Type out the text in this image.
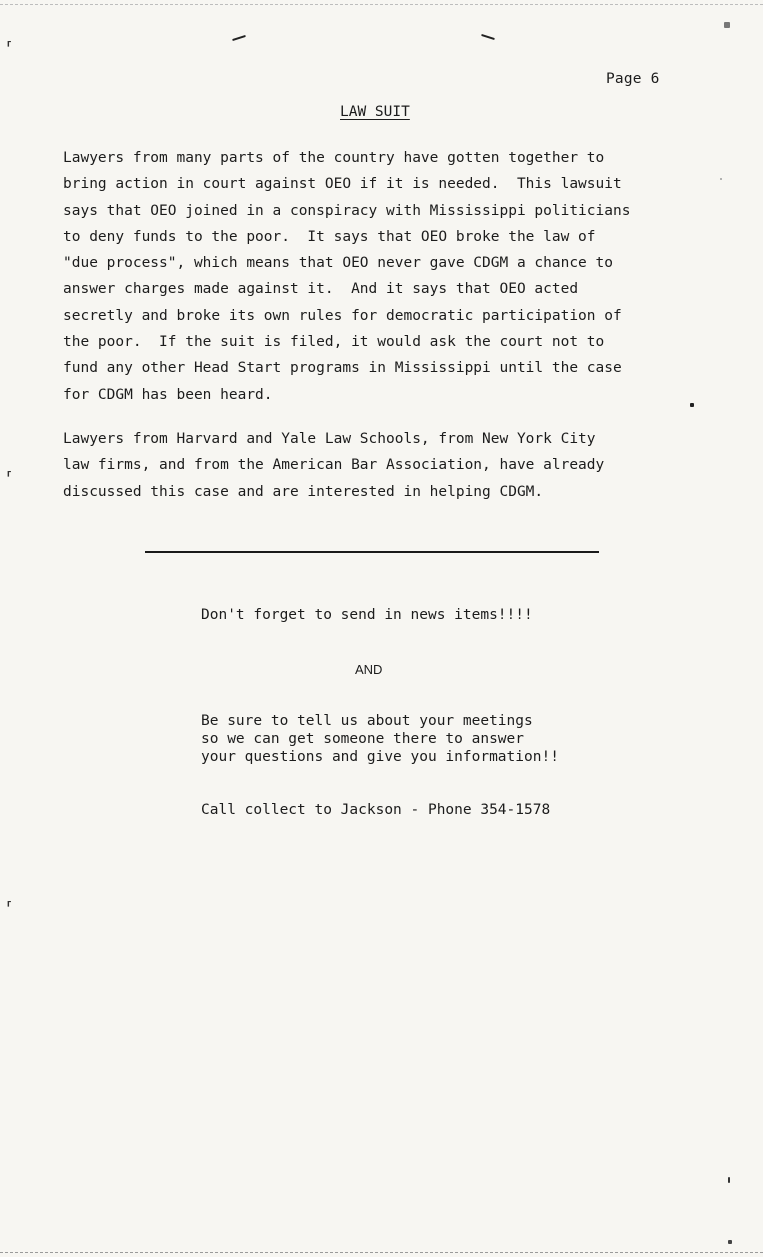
⸢
⸢
⸢
Page 6
LAW SUIT
Lawyers from many parts of the country have gotten together to
bring action in court against OEO if it is needed.  This lawsuit
says that OEO joined in a conspiracy with Mississippi politicians
to deny funds to the poor.  It says that OEO broke the law of
"due process", which means that OEO never gave CDGM a chance to
answer charges made against it.  And it says that OEO acted
secretly and broke its own rules for democratic participation of
the poor.  If the suit is filed, it would ask the court not to
fund any other Head Start programs in Mississippi until the case
for CDGM has been heard.
Lawyers from Harvard and Yale Law Schools, from New York City
law firms, and from the American Bar Association, have already
discussed this case and are interested in helping CDGM.
Don't forget to send in news items!!!!
AND
Be sure to tell us about your meetings
so we can get someone there to answer
your questions and give you information!!
Call collect to Jackson - Phone 354-1578
